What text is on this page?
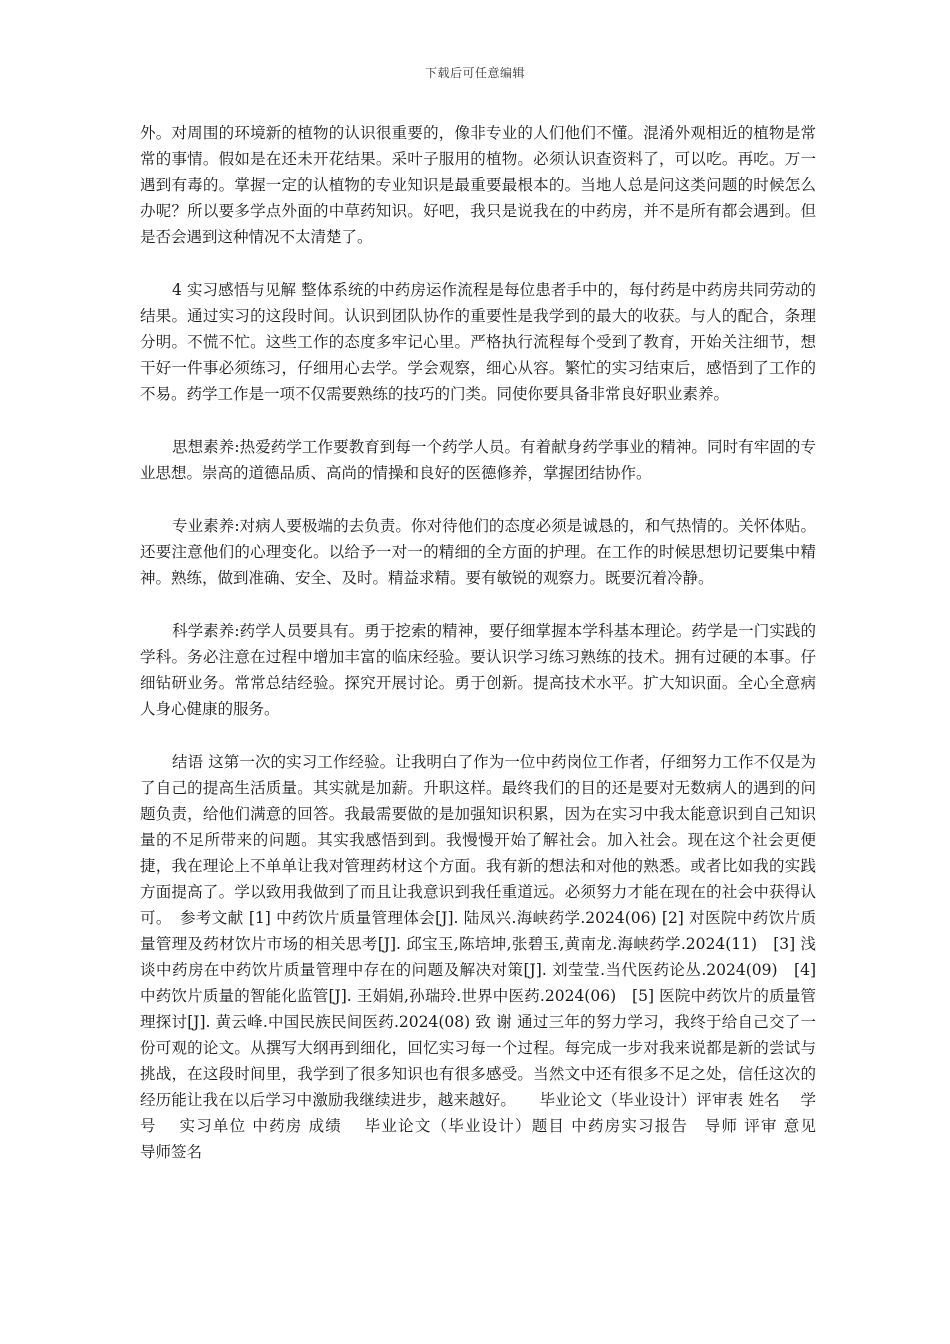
下载后可任意编辑

外。对周围的环境新的植物的认识很重要的，像非专业的人们他们不懂。混淆外观相近的植物是常常的事情。假如是在还未开花结果。采叶子服用的植物。必须认识查资料了，可以吃。再吃。万一遇到有毒的。掌握一定的认植物的专业知识是最重要最根本的。当地人总是问这类问题的时候怎么办呢？所以要多学点外面的中草药知识。好吧，我只是说我在的中药房，并不是所有都会遇到。但是否会遇到这种情况不太清楚了。

4 实习感悟与见解 整体系统的中药房运作流程是每位患者手中的，每付药是中药房共同劳动的结果。通过实习的这段时间。认识到团队协作的重要性是我学到的最大的收获。与人的配合，条理分明。不慌不忙。这些工作的态度多牢记心里。严格执行流程每个受到了教育，开始关注细节，想干好一件事必须练习，仔细用心去学。学会观察，细心从容。繁忙的实习结束后，感悟到了工作的不易。药学工作是一项不仅需要熟练的技巧的门类。同使你要具备非常良好职业素养。

思想素养:热爱药学工作要教育到每一个药学人员。有着献身药学事业的精神。同时有牢固的专业思想。崇高的道德品质、高尚的情操和良好的医德修养，掌握团结协作。

专业素养:对病人要极端的去负责。你对待他们的态度必须是诚恳的，和气热情的。关怀体贴。还要注意他们的心理变化。以给予一对一的精细的全方面的护理。在工作的时候思想切记要集中精神。熟练，做到准确、安全、及时。精益求精。要有敏锐的观察力。既要沉着冷静。

科学素养:药学人员要具有。勇于挖索的精神，要仔细掌握本学科基本理论。药学是一门实践的学科。务必注意在过程中增加丰富的临床经验。要认识学习练习熟练的技术。拥有过硬的本事。仔细钻研业务。常常总结经验。探究开展讨论。勇于创新。提高技术水平。扩大知识面。全心全意病人身心健康的服务。

结语 这第一次的实习工作经验。让我明白了作为一位中药岗位工作者，仔细努力工作不仅是为了自己的提高生活质量。其实就是加薪。升职这样。最终我们的目的还是要对无数病人的遇到的问题负责，给他们满意的回答。我最需要做的是加强知识积累，因为在实习中我太能意识到自己知识量的不足所带来的问题。其实我感悟到到。我慢慢开始了解社会。加入社会。现在这个社会更便捷，我在理论上不单单让我对管理药材这个方面。我有新的想法和对他的熟悉。或者比如我的实践方面提高了。学以致用我做到了而且让我意识到我任重道远。必须努力才能在现在的社会中获得认可。　参考文献 [1] 中药饮片质量管理体会[J]. 陆凤兴.海峡药学.2024(06) [2] 对医院中药饮片质量管理及药材饮片市场的相关思考[J]. 邱宝玉,陈培坤,张碧玉,黄南龙.海峡药学.2024(11)　[3] 浅谈中药房在中药饮片质量管理中存在的问题及解决对策[J]. 刘莹莹.当代医药论丛.2024(09)　[4] 中药饮片质量的智能化监管[J]. 王娟娟,孙瑞玲.世界中医药.2024(06)　[5] 医院中药饮片的质量管理探讨[J]. 黄云峰.中国民族民间医药.2024(08) 致 谢 通过三年的努力学习，我终于给自己交了一份可观的论文。从撰写大纲再到细化，回忆实习每一个过程。每完成一步对我来说都是新的尝试与挑战，在这段时间里，我学到了很多知识也有很多感受。当然文中还有很多不足之处，信任这次的经历能让我在以后学习中激励我继续进步，越来越好。　　毕业论文（毕业设计）评审表 姓名　 学号　 实习单位 中药房 成绩　 毕业论文（毕业设计）题目 中药房实习报告　导师 评审 意见　　　　　　　　导师签名
